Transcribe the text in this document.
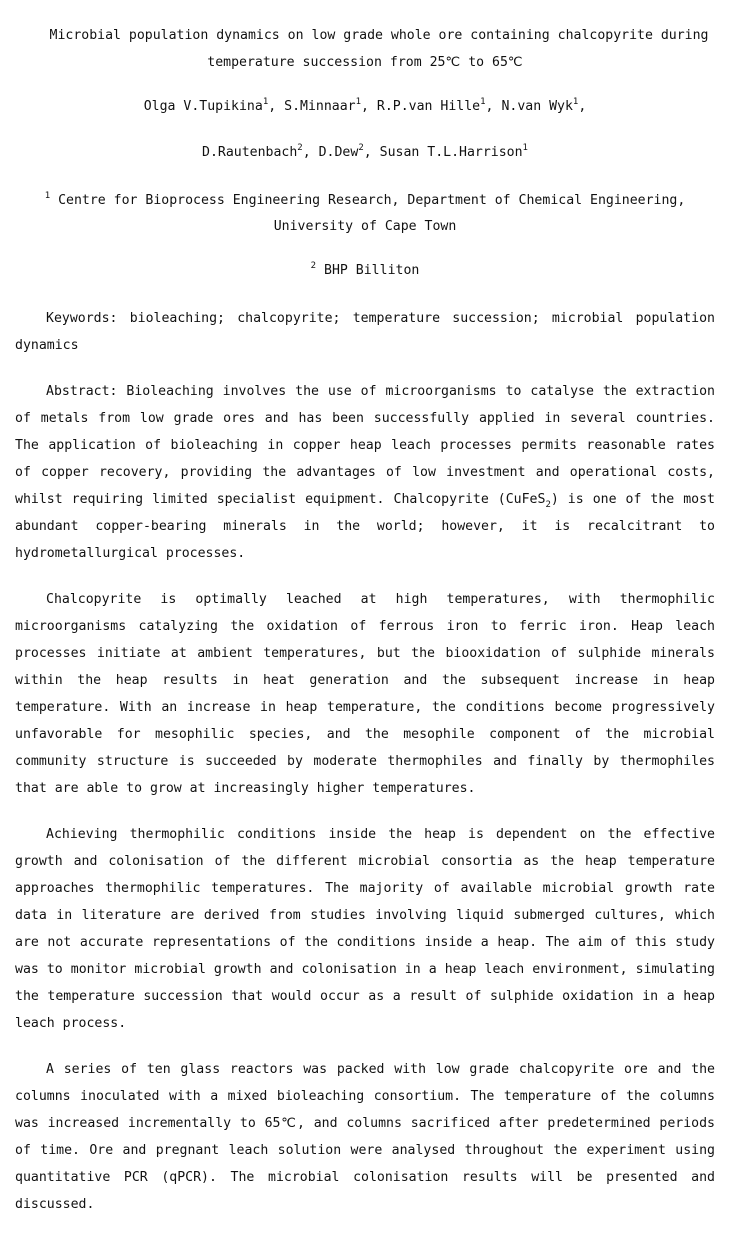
Microbial population dynamics on low grade whole ore containing chalcopyrite during
temperature succession from 25℃ to 65℃

Olga V.Tupikina$^1$, S.Minnaar$^1$, R.P.van Hille$^1$, N.van Wyk$^1$,

D.Rautenbach$^2$, D.Dew$^2$, Susan T.L.Harrison$^1$

$^1$ Centre for Bioprocess Engineering Research, Department of Chemical Engineering,
University of Cape Town

$^2$ BHP Billiton

Keywords: bioleaching; chalcopyrite; temperature succession; microbial population dynamics

Abstract: Bioleaching involves the use of microorganisms to catalyse the extraction of metals from low grade ores and has been successfully applied in several countries. The application of bioleaching in copper heap leach processes permits reasonable rates of copper recovery, providing the advantages of low investment and operational costs, whilst requiring limited specialist equipment. Chalcopyrite (CuFeS$_2$) is one of the most abundant copper-bearing minerals in the world; however, it is recalcitrant to hydrometallurgical processes.

Chalcopyrite is optimally leached at high temperatures, with thermophilic microorganisms catalyzing the oxidation of ferrous iron to ferric iron. Heap leach processes initiate at ambient temperatures, but the biooxidation of sulphide minerals within the heap results in heat generation and the subsequent increase in heap temperature. With an increase in heap temperature, the conditions become progressively unfavorable for mesophilic species, and the mesophile component of the microbial community structure is succeeded by moderate thermophiles and finally by thermophiles that are able to grow at increasingly higher temperatures.

Achieving thermophilic conditions inside the heap is dependent on the effective growth and colonisation of the different microbial consortia as the heap temperature approaches thermophilic temperatures. The majority of available microbial growth rate data in literature are derived from studies involving liquid submerged cultures, which are not accurate representations of the conditions inside a heap. The aim of this study was to monitor microbial growth and colonisation in a heap leach environment, simulating the temperature succession that would occur as a result of sulphide oxidation in a heap leach process.

A series of ten glass reactors was packed with low grade chalcopyrite ore and the columns inoculated with a mixed bioleaching consortium. The temperature of the columns was increased incrementally to 65℃, and columns sacrificed after predetermined periods of time. Ore and pregnant leach solution were analysed throughout the experiment using quantitative PCR (qPCR). The microbial colonisation results will be presented and discussed.
